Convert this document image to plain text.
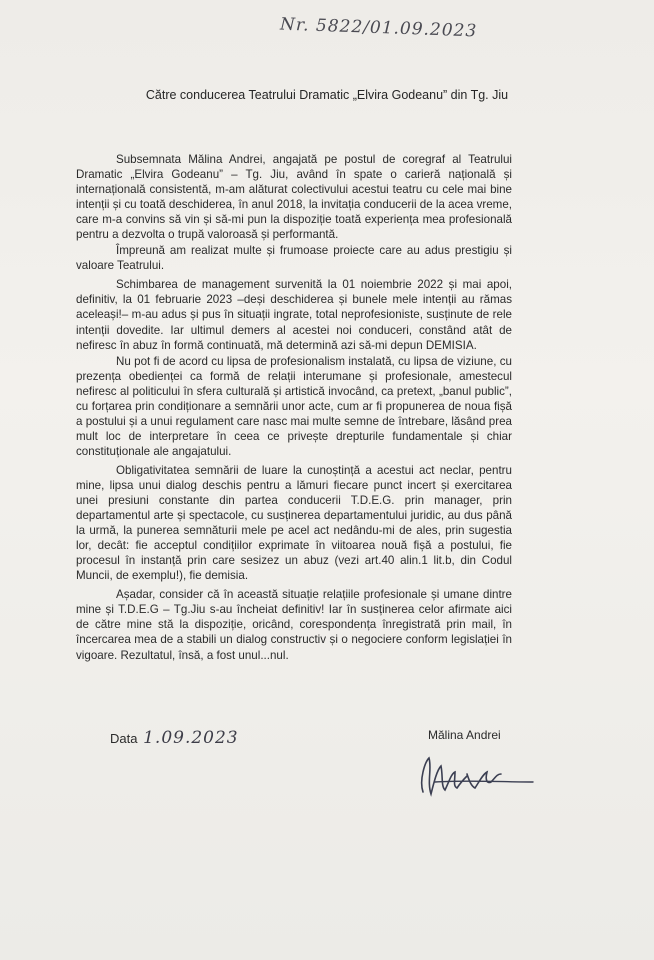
Nr. 5822/01.09.2023
Către conducerea Teatrului Dramatic „Elvira Godeanu” din Tg. Jiu

Subsemnata Mălina Andrei, angajată pe postul de coregraf al Teatrului Dramatic „Elvira Godeanu” – Tg. Jiu, având în spate o carieră națională și internațională consistentă, m-am alăturat colectivului acestui teatru cu cele mai bine intenții și cu toată deschiderea, în anul 2018, la invitația conducerii de la acea vreme, care m-a convins să vin și să-mi pun la dispoziție toată experiența mea profesională pentru a dezvolta o trupă valoroasă și performantă.

Împreună am realizat multe și frumoase proiecte care au adus prestigiu și valoare Teatrului.

Schimbarea de management survenită la 01 noiembrie 2022 și mai apoi, definitiv, la 01 februarie 2023 –deși deschiderea și bunele mele intenții au rămas aceleași!– m-au adus și pus în situații ingrate, total neprofesioniste, susținute de rele intenții dovedite. Iar ultimul demers al acestei noi conduceri, constând atât de nefiresc în abuz în formă continuată, mă determină azi să-mi depun DEMISIA.

Nu pot fi de acord cu lipsa de profesionalism instalată, cu lipsa de viziune, cu prezența obedienței ca formă de relații interumane și profesionale, amestecul nefiresc al politicului în sfera culturală și artistică invocând, ca pretext, „banul public”, cu forțarea prin condiționare a semnării unor acte, cum ar fi propunerea de noua fișă a postului și a unui regulament care nasc mai multe semne de întrebare, lăsând prea mult loc de interpretare în ceea ce privește drepturile fundamentale și chiar constituționale ale angajatului.

Obligativitatea semnării de luare la cunoștință a acestui act neclar, pentru mine, lipsa unui dialog deschis pentru a lămuri fiecare punct incert și exercitarea unei presiuni constante din partea conducerii T.D.E.G. prin manager, prin departamentul arte și spectacole, cu susținerea departamentului juridic, au dus până la urmă, la punerea semnăturii mele pe acel act nedându-mi de ales, prin sugestia lor, decât: fie acceptul condițiilor exprimate în viitoarea nouă fișă a postului, fie procesul în instanță prin care sesizez un abuz (vezi art.40 alin.1 lit.b, din Codul Muncii, de exemplu!), fie demisia.

Așadar, consider că în această situație relațiile profesionale și umane dintre mine și T.D.E.G – Tg.Jiu s-au încheiat definitiv! Iar în susținerea celor afirmate aici de către mine stă la dispoziție, oricând, corespondența înregistrată prin mail, în încercarea mea de a stabili un dialog constructiv și o negociere conform legislației în vigoare. Rezultatul, însă, a fost unul...nul.

Data 1.09.2023	Mălina Andrei
